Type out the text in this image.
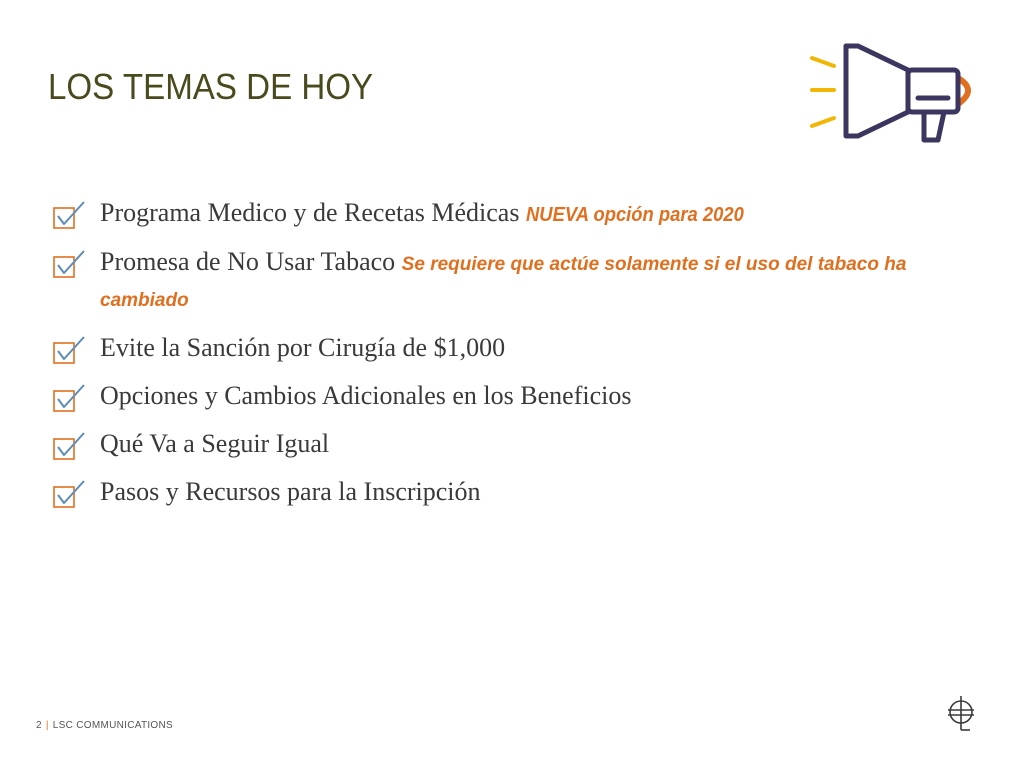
LOS TEMAS DE HOY
Programa Medico y de Recetas Médicas NUEVA opción para 2020
Promesa de No Usar Tabaco Se requiere que actúe solamente si el uso del tabaco ha cambiado
Evite la Sanción por Cirugía de $1,000
Opciones y Cambios Adicionales en los Beneficios
Qué Va a Seguir Igual
Pasos y Recursos para la Inscripción
2 | LSC COMMUNICATIONS
